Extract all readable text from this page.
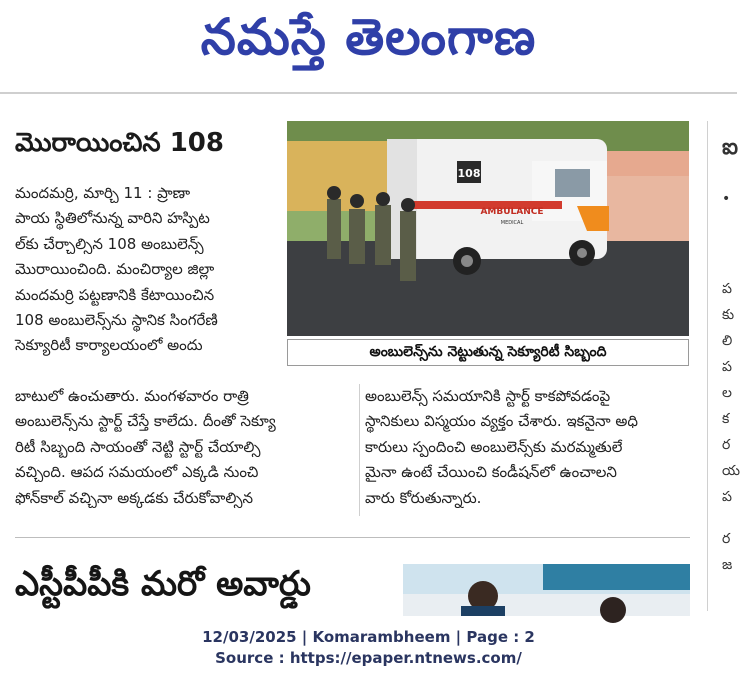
నమస్తే తెలంగాణ
మొరాయించిన 108
108
AMBULANCE
MEDICAL
అంబులెన్స్‌ను నెట్టుతున్న సెక్యూరిటీ సిబ్బంది
మందమర్రి, మార్చి 11 : ప్రాణా
పాయ స్థితిలోనున్న వారిని హస్పిట
ల్‌కు చేర్చాల్సిన 108 అంబులెన్స్
మొరాయించింది. మంచిర్యాల జిల్లా
మందమర్రి పట్టణానికి కేటాయించిన
108 అంబులెన్స్‌ను స్థానిక సింగరేణి
సెక్యూరిటీ కార్యాలయంలో అందు
బాటులో ఉంచుతారు. మంగళవారం రాత్రి
అంబులెన్స్‌ను స్టార్ట్ చేస్తే కాలేదు. దీంతో సెక్యూ
రిటీ సిబ్బంది సాయంతో నెట్టి స్టార్ట్ చేయాల్సి
వచ్చింది. ఆపద సమయంలో ఎక్కడి నుంచి
ఫోన్‌కాల్ వచ్చినా అక్కడకు చేరుకోవాల్సిన
అంబులెన్స్ సమయానికి స్టార్ట్ కాకపోవడంపై
స్థానికులు విస్మయం వ్యక్తం చేశారు. ఇకనైనా అధి
కారులు స్పందించి అంబులెన్స్‌కు మరమ్మతులే
మైనా ఉంటే చేయించి కండీషన్‌లో ఉంచాలని
వారు కోరుతున్నారు.
ఐ
•
ప
కు
లి
ప
ల
క
ర
య
ప
ర
జ
ఎస్టీపీపీకి మరో అవార్డు
12/03/2025 | Komarambheem | Page : 2
Source : https://epaper.ntnews.com/
